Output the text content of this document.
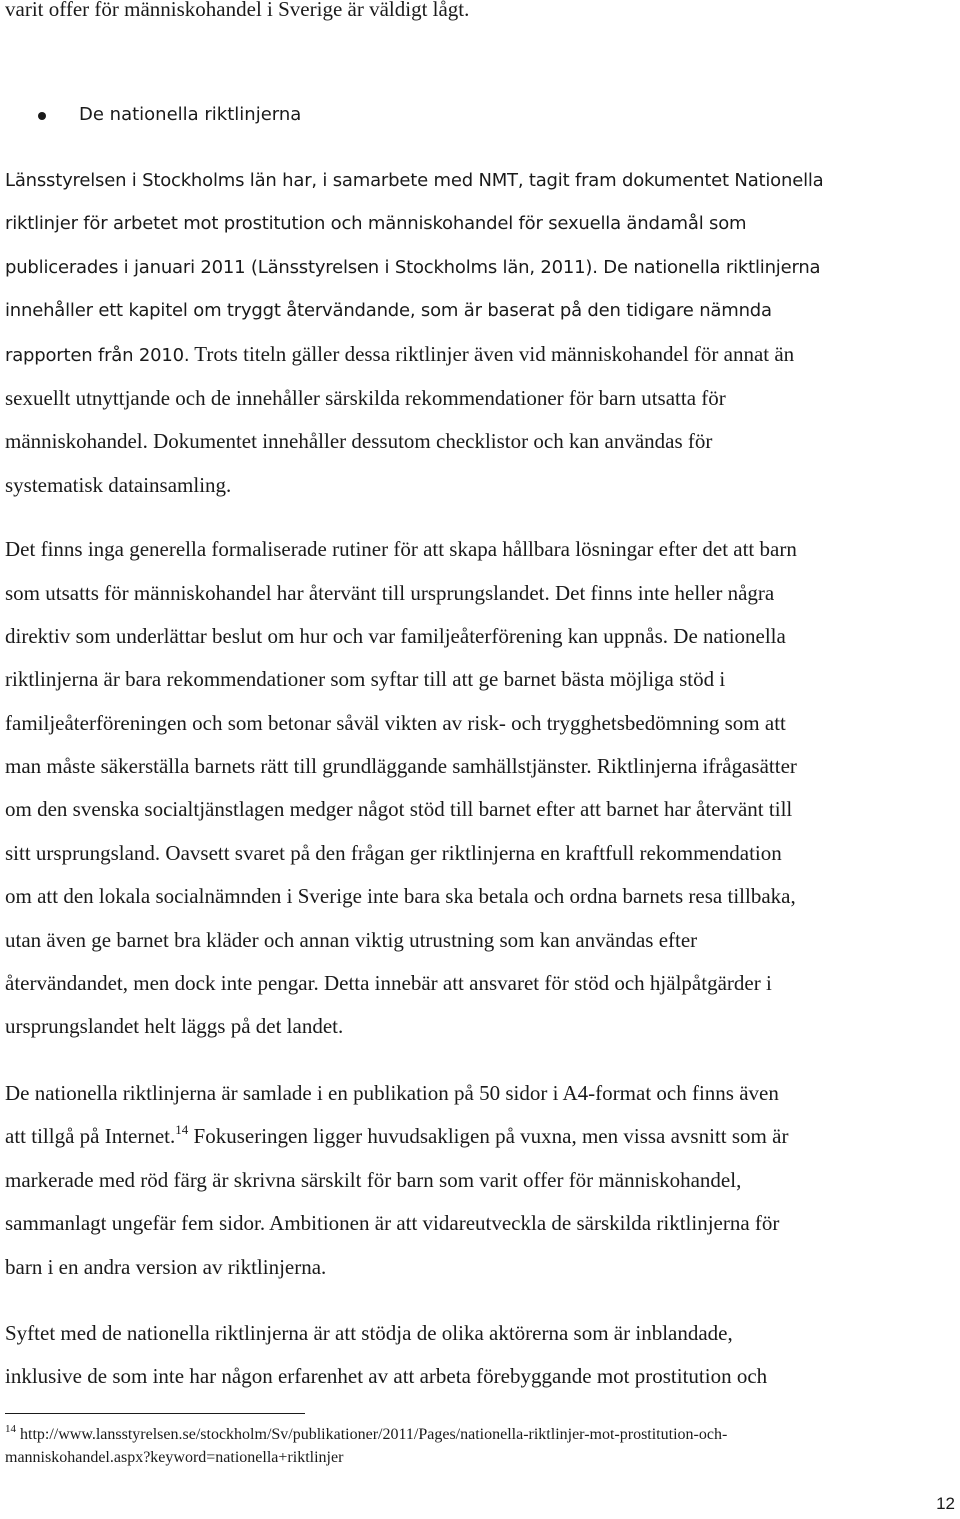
varit offer för människohandel i Sverige är väldigt lågt.
De nationella riktlinjerna
Länsstyrelsen i Stockholms län har, i samarbete med NMT, tagit fram dokumentet Nationella
riktlinjer för arbetet mot prostitution och människohandel för sexuella ändamål som
publicerades i januari 2011 (Länsstyrelsen i Stockholms län, 2011). De nationella riktlinjerna
innehåller ett kapitel om tryggt återvändande, som är baserat på den tidigare nämnda
rapporten från 2010. Trots titeln gäller dessa riktlinjer även vid människohandel för annat än
sexuellt utnyttjande och de innehåller särskilda rekommendationer för barn utsatta för
människohandel. Dokumentet innehåller dessutom checklistor och kan användas för
systematisk datainsamling.
Det finns inga generella formaliserade rutiner för att skapa hållbara lösningar efter det att barn
som utsatts för människohandel har återvänt till ursprungslandet. Det finns inte heller några
direktiv som underlättar beslut om hur och var familjeåterförening kan uppnås. De nationella
riktlinjerna är bara rekommendationer som syftar till att ge barnet bästa möjliga stöd i
familjeåterföreningen och som betonar såväl vikten av risk- och trygghetsbedömning som att
man måste säkerställa barnets rätt till grundläggande samhällstjänster. Riktlinjerna ifrågasätter
om den svenska socialtjänstlagen medger något stöd till barnet efter att barnet har återvänt till
sitt ursprungsland. Oavsett svaret på den frågan ger riktlinjerna en kraftfull rekommendation
om att den lokala socialnämnden i Sverige inte bara ska betala och ordna barnets resa tillbaka,
utan även ge barnet bra kläder och annan viktig utrustning som kan användas efter
återvändandet, men dock inte pengar. Detta innebär att ansvaret för stöd och hjälpåtgärder i
ursprungslandet helt läggs på det landet.
De nationella riktlinjerna är samlade i en publikation på 50 sidor i A4-format och finns även
att tillgå på Internet.$^{14}$ Fokuseringen ligger huvudsakligen på vuxna, men vissa avsnitt som är
markerade med röd färg är skrivna särskilt för barn som varit offer för människohandel,
sammanlagt ungefär fem sidor. Ambitionen är att vidareutveckla de särskilda riktlinjerna för
barn i en andra version av riktlinjerna.
Syftet med de nationella riktlinjerna är att stödja de olika aktörerna som är inblandade,
inklusive de som inte har någon erfarenhet av att arbeta förebyggande mot prostitution och
$^{14}$ http://www.lansstyrelsen.se/stockholm/Sv/publikationer/2011/Pages/nationella-riktlinjer-mot-prostitution-och-
manniskohandel.aspx?keyword=nationella+riktlinjer
12
